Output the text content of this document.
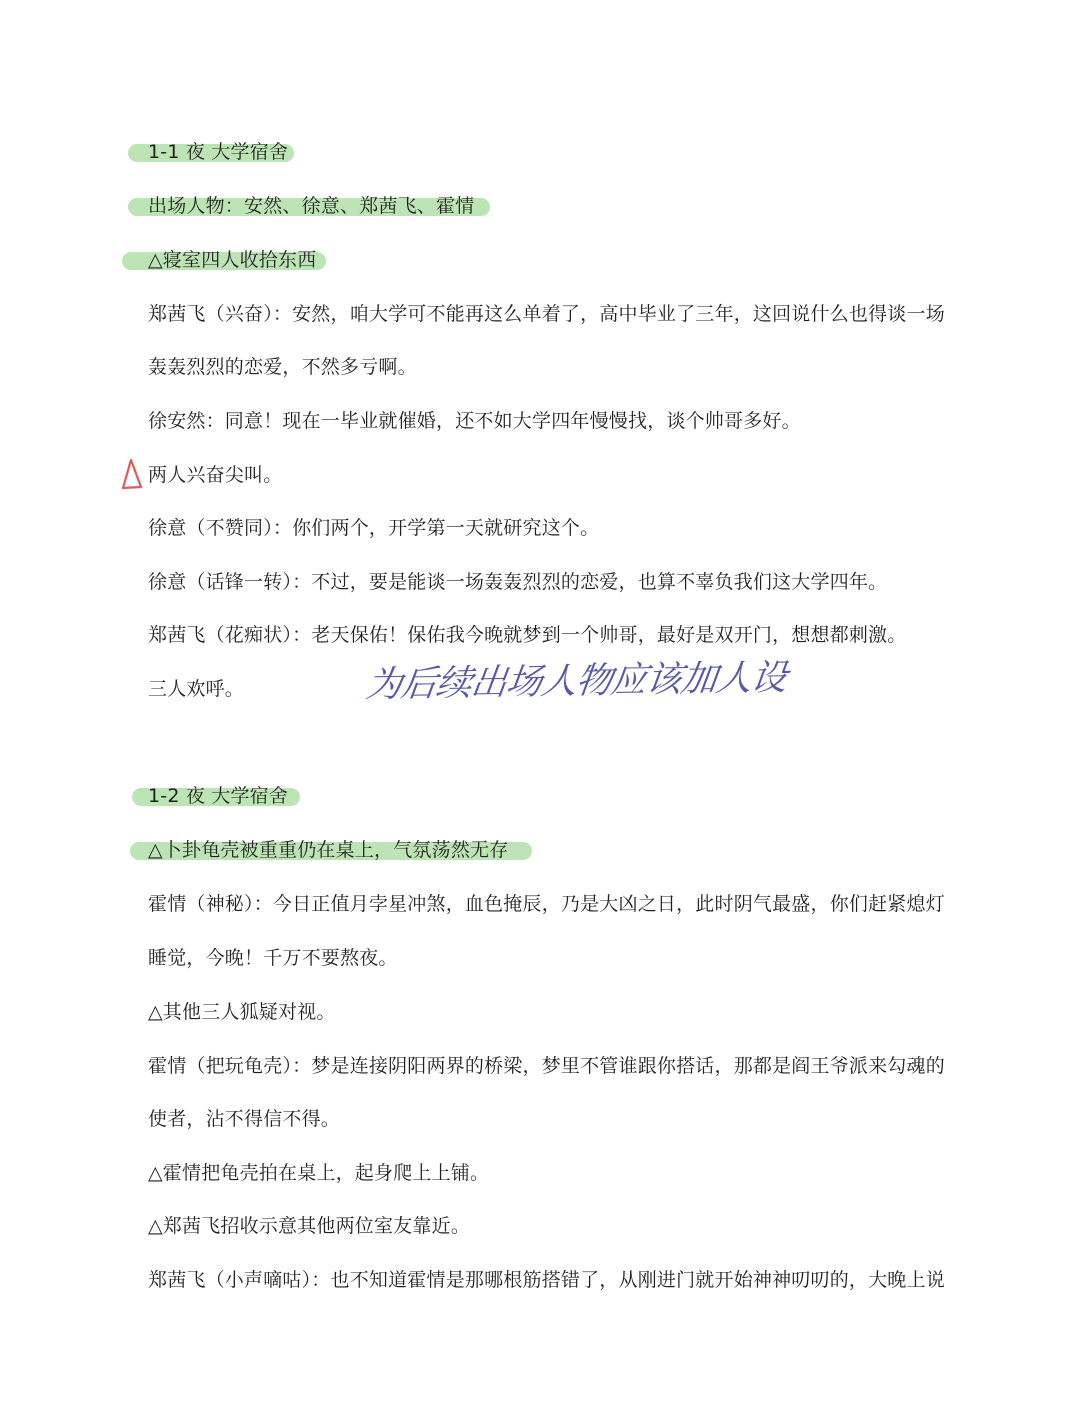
1-1 夜 大学宿舍
出场人物：安然、徐意、郑茜飞、霍情
△寝室四人收拾东西
郑茜飞（兴奋）：安然，咱大学可不能再这么单着了，高中毕业了三年，这回说什么也得谈一场
轰轰烈烈的恋爱，不然多亏啊。
徐安然：同意！现在一毕业就催婚，还不如大学四年慢慢找，谈个帅哥多好。
两人兴奋尖叫。
徐意（不赞同）：你们两个，开学第一天就研究这个。
徐意（话锋一转）：不过，要是能谈一场轰轰烈烈的恋爱，也算不辜负我们这大学四年。
郑茜飞（花痴状）：老天保佑！保佑我今晚就梦到一个帅哥，最好是双开门，想想都刺激。
三人欢呼。	为后续出场人物应该加人设
1-2 夜 大学宿舍
△卜卦龟壳被重重仍在桌上，气氛荡然无存
霍情（神秘）：今日正值月孛星冲煞，血色掩辰，乃是大凶之日，此时阴气最盛，你们赶紧熄灯
睡觉，今晚！千万不要熬夜。
△其他三人狐疑对视。
霍情（把玩龟壳）：梦是连接阴阳两界的桥梁，梦里不管谁跟你搭话，那都是阎王爷派来勾魂的
使者，沾不得信不得。
△霍情把龟壳拍在桌上，起身爬上上铺。
△郑茜飞招收示意其他两位室友靠近。
郑茜飞（小声嘀咕）：也不知道霍情是那哪根筋搭错了，从刚进门就开始神神叨叨的，大晚上说
